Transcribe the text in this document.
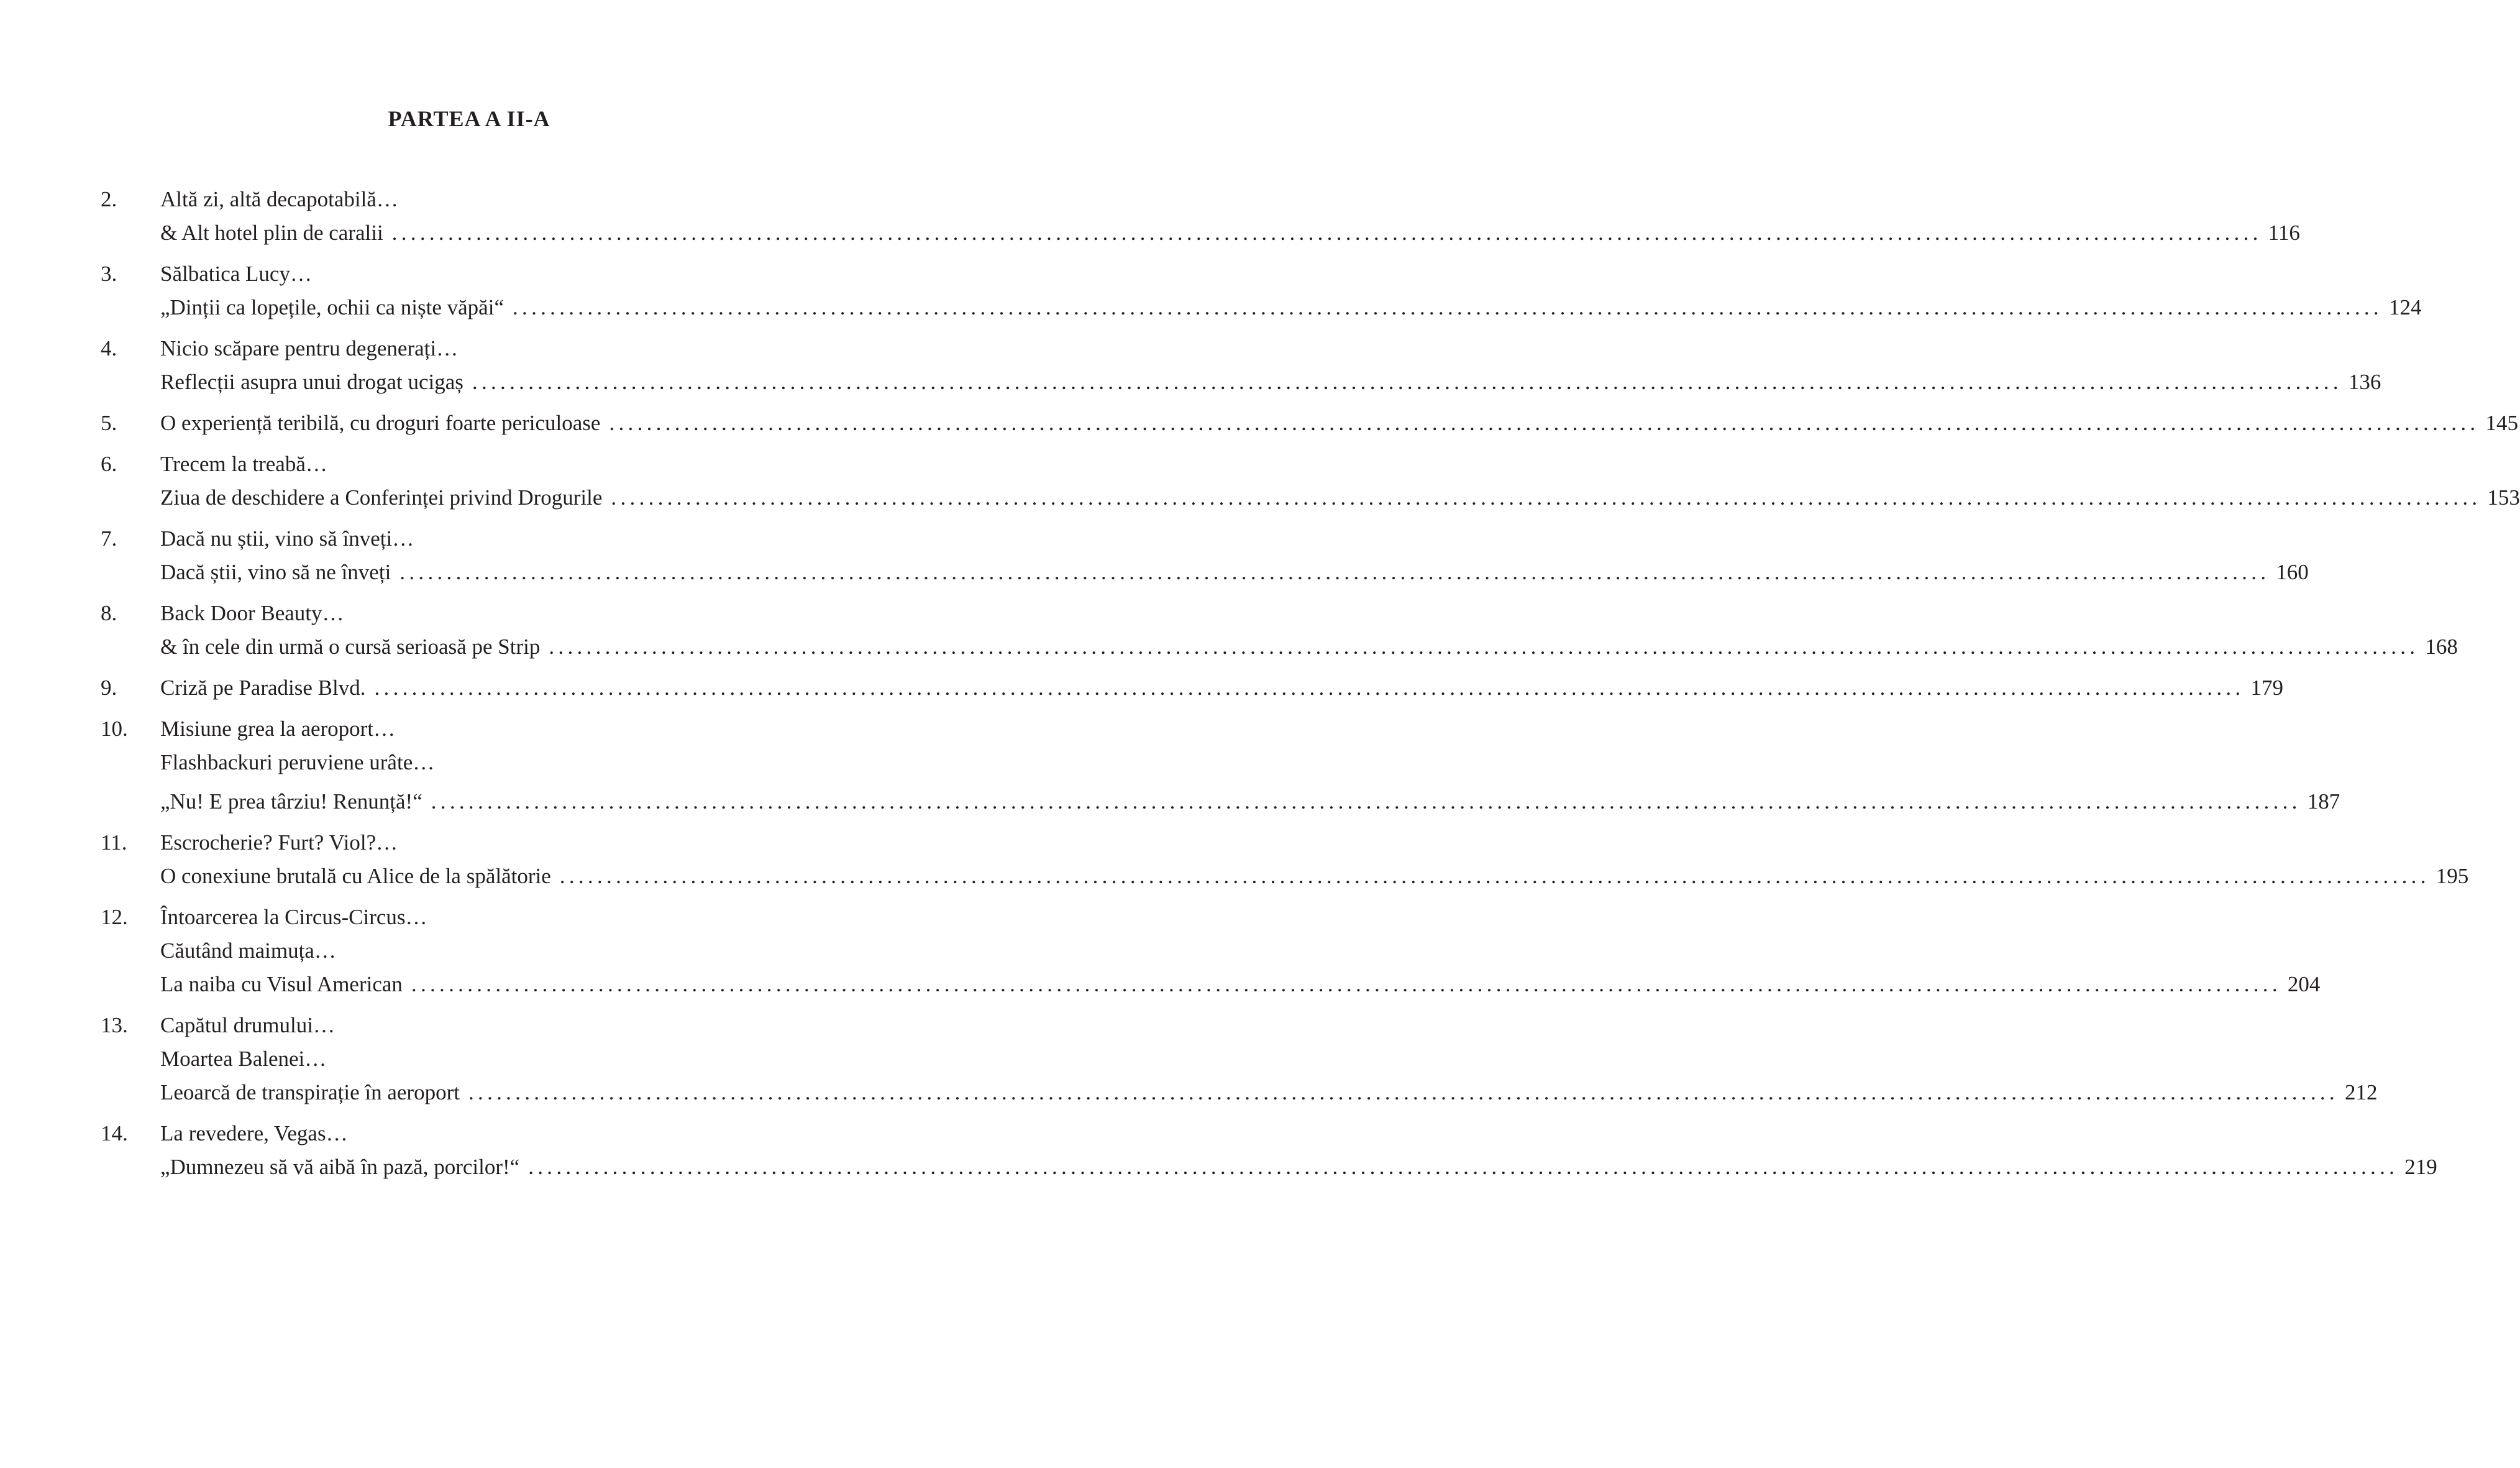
PARTEA A II-A
2.	Altă zi, altă decapotabilă…
& Alt hotel plin de caralii ........................................................................................................................................................................................................ 116
3.	Sălbatica Lucy…
„Dinții ca lopețile, ochii ca niște văpăi“ ........................................................................................................................................................................................................ 124
4.	Nicio scăpare pentru degenerați…
Reflecții asupra unui drogat ucigaș ........................................................................................................................................................................................................ 136
5.	O experiență teribilă, cu droguri foarte periculoase ........................................................................................................................................................................................................ 145
6.	Trecem la treabă…
Ziua de deschidere a Conferinței privind Drogurile ........................................................................................................................................................................................................ 153
7.	Dacă nu știi, vino să înveți…
Dacă știi, vino să ne înveți ........................................................................................................................................................................................................ 160
8.	Back Door Beauty…
& în cele din urmă o cursă serioasă pe Strip ........................................................................................................................................................................................................ 168
9.	Criză pe Paradise Blvd. ........................................................................................................................................................................................................ 179
10.	Misiune grea la aeroport…
Flashbackuri peruviene urâte…
„Nu! E prea târziu! Renunță!“ ........................................................................................................................................................................................................ 187
11.	Escrocherie? Furt? Viol?…
O conexiune brutală cu Alice de la spălătorie ........................................................................................................................................................................................................ 195
12.	Întoarcerea la Circus-Circus…
Căutând maimuța…
La naiba cu Visul American ........................................................................................................................................................................................................ 204
13.	Capătul drumului…
Moartea Balenei…
Leoarcă de transpirație în aeroport ........................................................................................................................................................................................................ 212
14.	La revedere, Vegas…
„Dumnezeu să vă aibă în pază, porcilor!“ ........................................................................................................................................................................................................ 219
